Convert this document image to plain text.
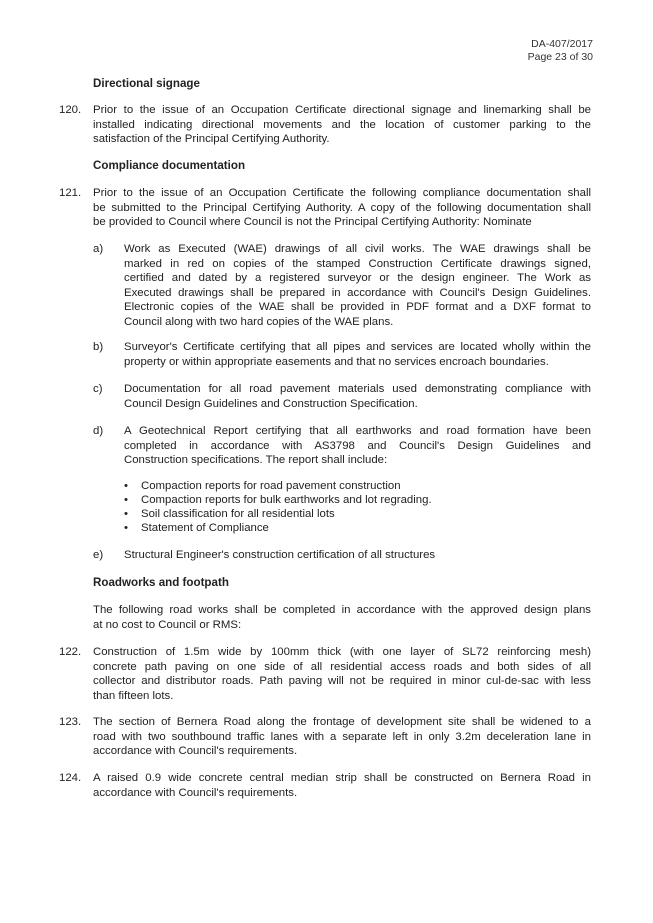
DA-407/2017
Page 23 of 30
Directional signage
120. Prior to the issue of an Occupation Certificate directional signage and linemarking shall be
installed indicating directional movements and the location of customer parking to the
satisfaction of the Principal Certifying Authority.
Compliance documentation
121. Prior to the issue of an Occupation Certificate the following compliance documentation shall
be submitted to the Principal Certifying Authority. A copy of the following documentation shall
be provided to Council where Council is not the Principal Certifying Authority: Nominate
a) Work as Executed (WAE) drawings of all civil works. The WAE drawings shall be
marked in red on copies of the stamped Construction Certificate drawings signed,
certified and dated by a registered surveyor or the design engineer. The Work as
Executed drawings shall be prepared in accordance with Council's Design Guidelines.
Electronic copies of the WAE shall be provided in PDF format and a DXF format to
Council along with two hard copies of the WAE plans.
b) Surveyor's Certificate certifying that all pipes and services are located wholly within the
property or within appropriate easements and that no services encroach boundaries.
c) Documentation for all road pavement materials used demonstrating compliance with
Council Design Guidelines and Construction Specification.
d) A Geotechnical Report certifying that all earthworks and road formation have been
completed in accordance with AS3798 and Council's Design Guidelines and
Construction specifications. The report shall include:
• Compaction reports for road pavement construction
• Compaction reports for bulk earthworks and lot regrading.
• Soil classification for all residential lots
• Statement of Compliance
e) Structural Engineer's construction certification of all structures
Roadworks and footpath
The following road works shall be completed in accordance with the approved design plans
at no cost to Council or RMS:
122. Construction of 1.5m wide by 100mm thick (with one layer of SL72 reinforcing mesh)
concrete path paving on one side of all residential access roads and both sides of all
collector and distributor roads. Path paving will not be required in minor cul-de-sac with less
than fifteen lots.
123. The section of Bernera Road along the frontage of development site shall be widened to a
road with two southbound traffic lanes with a separate left in only 3.2m deceleration lane in
accordance with Council's requirements.
124. A raised 0.9 wide concrete central median strip shall be constructed on Bernera Road in
accordance with Council's requirements.
